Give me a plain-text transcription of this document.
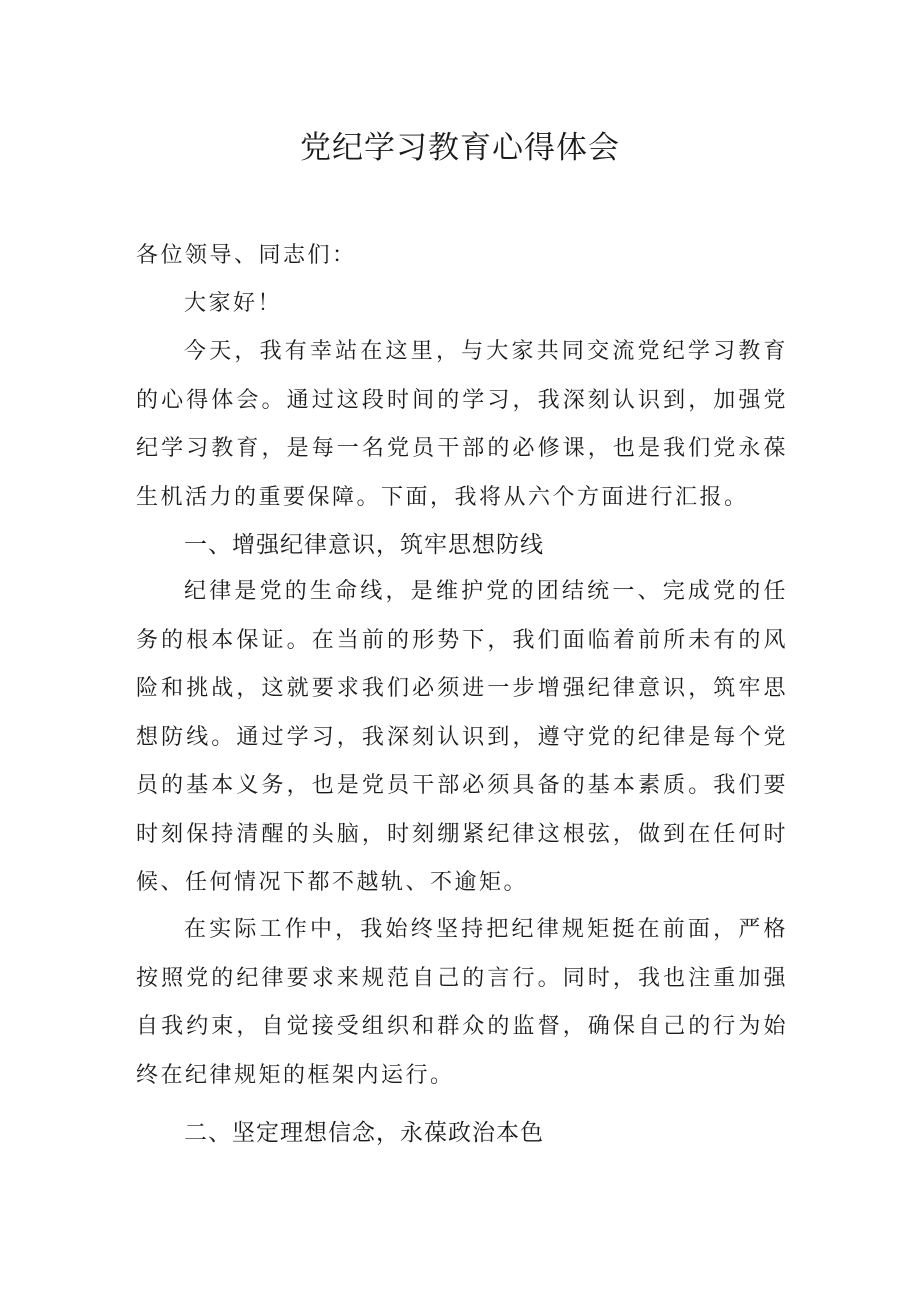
党纪学习教育心得体会

各位领导、同志们：

大家好！

今天，我有幸站在这里，与大家共同交流党纪学习教育的心得体会。通过这段时间的学习，我深刻认识到，加强党纪学习教育，是每一名党员干部的必修课，也是我们党永葆生机活力的重要保障。下面，我将从六个方面进行汇报。

一、增强纪律意识，筑牢思想防线

纪律是党的生命线，是维护党的团结统一、完成党的任务的根本保证。在当前的形势下，我们面临着前所未有的风险和挑战，这就要求我们必须进一步增强纪律意识，筑牢思想防线。通过学习，我深刻认识到，遵守党的纪律是每个党员的基本义务，也是党员干部必须具备的基本素质。我们要时刻保持清醒的头脑，时刻绷紧纪律这根弦，做到在任何时候、任何情况下都不越轨、不逾矩。

在实际工作中，我始终坚持把纪律规矩挺在前面，严格按照党的纪律要求来规范自己的言行。同时，我也注重加强自我约束，自觉接受组织和群众的监督，确保自己的行为始终在纪律规矩的框架内运行。

二、坚定理想信念，永葆政治本色
